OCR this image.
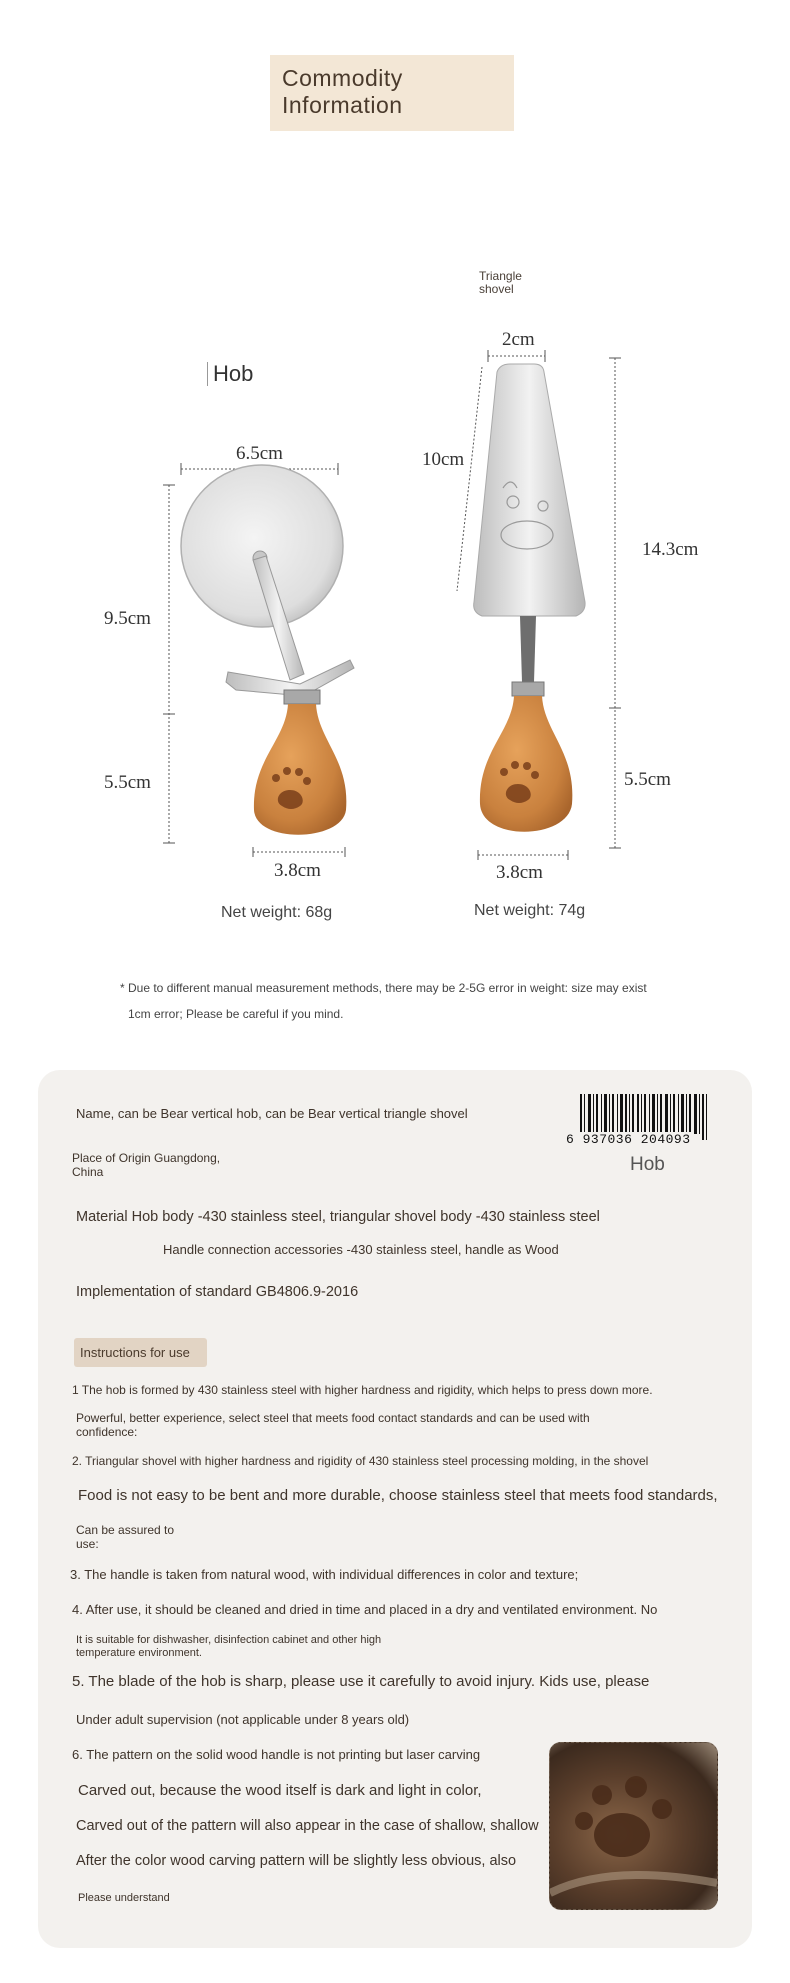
Commodity
Information
Hob
Triangle
shovel
6.5cm
9.5cm
5.5cm
3.8cm
2cm
10cm
14.3cm
5.5cm
3.8cm
Net weight: 68g	Net weight: 74g
* Due to different manual measurement methods, there may be 2-5G error in weight: size may exist
1cm error; Please be careful if you mind.
Name, can be Bear vertical hob, can be Bear vertical triangle shovel
Place of Origin Guangdong,
China
6 937036 204093
Hob
Material Hob body -430 stainless steel, triangular shovel body -430 stainless steel
Handle connection accessories -430 stainless steel, handle as Wood
Implementation of standard GB4806.9-2016
Instructions for use
1 The hob is formed by 430 stainless steel with higher hardness and rigidity, which helps to press down more.
Powerful, better experience, select steel that meets food contact standards and can be used with
confidence:
2. Triangular shovel with higher hardness and rigidity of 430 stainless steel processing molding, in the shovel
Food is not easy to be bent and more durable, choose stainless steel that meets food standards,
Can be assured to
use:
3. The handle is taken from natural wood, with individual differences in color and texture;
4. After use, it should be cleaned and dried in time and placed in a dry and ventilated environment. No
It is suitable for dishwasher, disinfection cabinet and other high
temperature environment.
5. The blade of the hob is sharp, please use it carefully to avoid injury. Kids use, please
Under adult supervision (not applicable under 8 years old)
6. The pattern on the solid wood handle is not printing but laser carving
Carved out, because the wood itself is dark and light in color,
Carved out of the pattern will also appear in the case of shallow, shallow
After the color wood carving pattern will be slightly less obvious, also
Please understand
